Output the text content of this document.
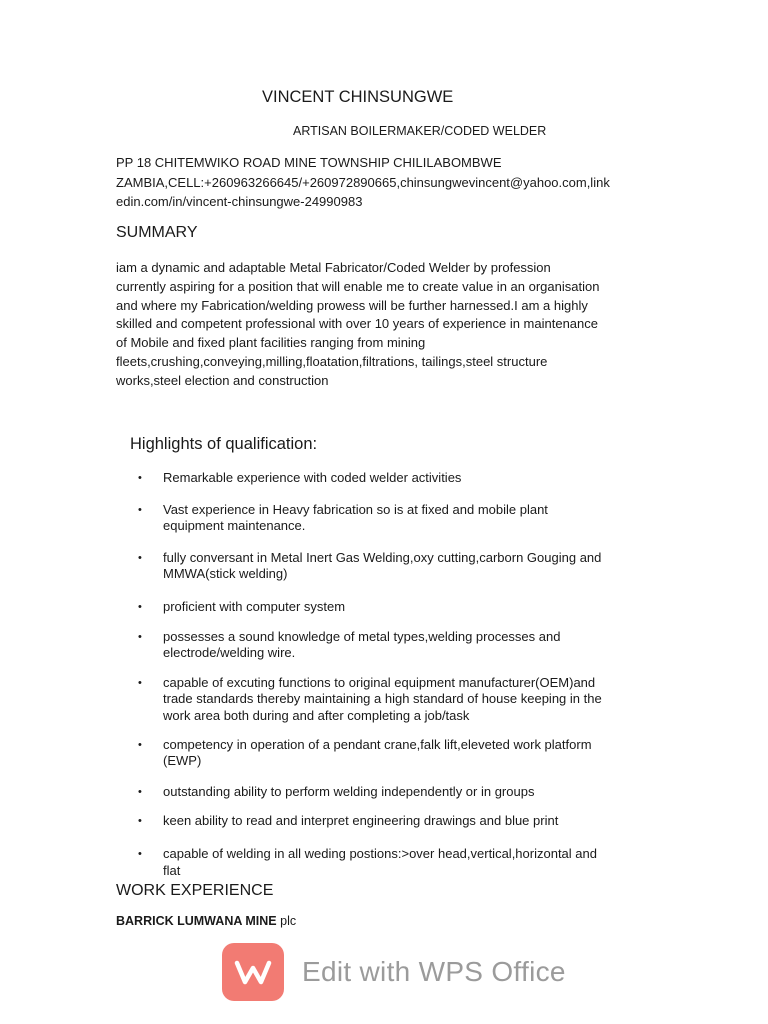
VINCENT CHINSUNGWE
ARTISAN BOILERMAKER/CODED WELDER
PP 18 CHITEMWIKO ROAD MINE TOWNSHIP CHILILABOMBWE
ZAMBIA,CELL:+260963266645/+260972890665,chinsungwevincent@yahoo.com,link
edin.com/in/vincent-chinsungwe-24990983
SUMMARY
iam a dynamic and adaptable Metal Fabricator/Coded Welder by profession
currently aspiring for a position that will enable me to create value in an organisation
and where my Fabrication/welding prowess will be further harnessed.I am a highly
skilled and competent professional with over 10 years of experience in maintenance
of Mobile and fixed plant facilities ranging from mining
fleets,crushing,conveying,milling,floatation,filtrations, tailings,steel structure
works,steel election and construction
Highlights of qualification:
• Remarkable experience with coded welder activities
• Vast experience in Heavy fabrication so is at fixed and mobile plant
equipment maintenance.
• fully conversant in Metal Inert Gas Welding,oxy cutting,carborn Gouging and
MMWA(stick welding)
• proficient with computer system
• possesses a sound knowledge of metal types,welding processes and
electrode/welding wire.
• capable of excuting functions to original equipment manufacturer(OEM)and
trade standards thereby maintaining a high standard of house keeping in the
work area both during and after completing a job/task
• competency in operation of a pendant crane,falk lift,eleveted work platform
(EWP)
• outstanding ability to perform welding independently or in groups
• keen ability to read and interpret engineering drawings and blue print
• capable of welding in all weding postions:>over head,vertical,horizontal and
flat
WORK EXPERIENCE
BARRICK LUMWANA MINE plc
Edit with WPS Office
